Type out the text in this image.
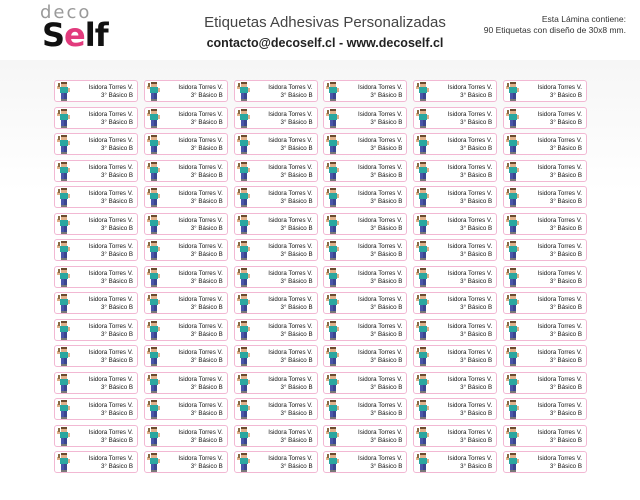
deco
Self	Etiquetas Adhesivas Personalizadas
contacto@decoself.cl - www.decoself.cl
Esta Lámina contiene:
90 Etiquetas con diseño de 30x8 mm.
Isidora Torres V.
3° Básico B
Isidora Torres V.
3° Básico B
Isidora Torres V.
3° Básico B
Isidora Torres V.
3° Básico B
Isidora Torres V.
3° Básico B
Isidora Torres V.
3° Básico B
Isidora Torres V.
3° Básico B
Isidora Torres V.
3° Básico B
Isidora Torres V.
3° Básico B
Isidora Torres V.
3° Básico B
Isidora Torres V.
3° Básico B
Isidora Torres V.
3° Básico B
Isidora Torres V.
3° Básico B
Isidora Torres V.
3° Básico B
Isidora Torres V.
3° Básico B
Isidora Torres V.
3° Básico B
Isidora Torres V.
3° Básico B
Isidora Torres V.
3° Básico B
Isidora Torres V.
3° Básico B
Isidora Torres V.
3° Básico B
Isidora Torres V.
3° Básico B
Isidora Torres V.
3° Básico B
Isidora Torres V.
3° Básico B
Isidora Torres V.
3° Básico B
Isidora Torres V.
3° Básico B
Isidora Torres V.
3° Básico B
Isidora Torres V.
3° Básico B
Isidora Torres V.
3° Básico B
Isidora Torres V.
3° Básico B
Isidora Torres V.
3° Básico B
Isidora Torres V.
3° Básico B
Isidora Torres V.
3° Básico B
Isidora Torres V.
3° Básico B
Isidora Torres V.
3° Básico B
Isidora Torres V.
3° Básico B
Isidora Torres V.
3° Básico B
Isidora Torres V.
3° Básico B
Isidora Torres V.
3° Básico B
Isidora Torres V.
3° Básico B
Isidora Torres V.
3° Básico B
Isidora Torres V.
3° Básico B
Isidora Torres V.
3° Básico B
Isidora Torres V.
3° Básico B
Isidora Torres V.
3° Básico B
Isidora Torres V.
3° Básico B
Isidora Torres V.
3° Básico B
Isidora Torres V.
3° Básico B
Isidora Torres V.
3° Básico B
Isidora Torres V.
3° Básico B
Isidora Torres V.
3° Básico B
Isidora Torres V.
3° Básico B
Isidora Torres V.
3° Básico B
Isidora Torres V.
3° Básico B
Isidora Torres V.
3° Básico B
Isidora Torres V.
3° Básico B
Isidora Torres V.
3° Básico B
Isidora Torres V.
3° Básico B
Isidora Torres V.
3° Básico B
Isidora Torres V.
3° Básico B
Isidora Torres V.
3° Básico B
Isidora Torres V.
3° Básico B
Isidora Torres V.
3° Básico B
Isidora Torres V.
3° Básico B
Isidora Torres V.
3° Básico B
Isidora Torres V.
3° Básico B
Isidora Torres V.
3° Básico B
Isidora Torres V.
3° Básico B
Isidora Torres V.
3° Básico B
Isidora Torres V.
3° Básico B
Isidora Torres V.
3° Básico B
Isidora Torres V.
3° Básico B
Isidora Torres V.
3° Básico B
Isidora Torres V.
3° Básico B
Isidora Torres V.
3° Básico B
Isidora Torres V.
3° Básico B
Isidora Torres V.
3° Básico B
Isidora Torres V.
3° Básico B
Isidora Torres V.
3° Básico B
Isidora Torres V.
3° Básico B
Isidora Torres V.
3° Básico B
Isidora Torres V.
3° Básico B
Isidora Torres V.
3° Básico B
Isidora Torres V.
3° Básico B
Isidora Torres V.
3° Básico B
Isidora Torres V.
3° Básico B
Isidora Torres V.
3° Básico B
Isidora Torres V.
3° Básico B
Isidora Torres V.
3° Básico B
Isidora Torres V.
3° Básico B
Isidora Torres V.
3° Básico B
